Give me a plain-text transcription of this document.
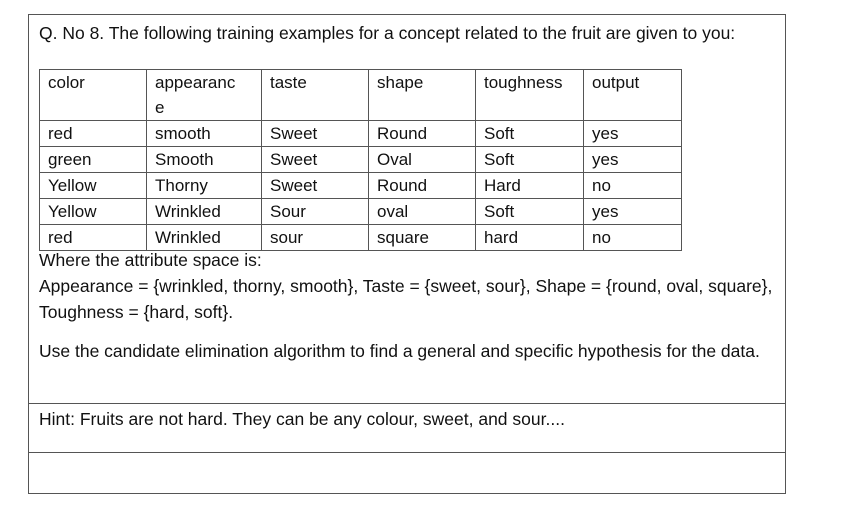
Q. No 8. The following training examples for a concept related to the fruit are given to you:

color	appearance	taste	shape	toughness	output
red	smooth	Sweet	Round	Soft	yes
green	Smooth	Sweet	Oval	Soft	yes
Yellow	Thorny	Sweet	Round	Hard	no
Yellow	Wrinkled	Sour	oval	Soft	yes
red	Wrinkled	sour	square	hard	no
Where the attribute space is:
Appearance = {wrinkled, thorny, smooth}, Taste = {sweet, sour}, Shape = {round, oval, square}, Toughness = {hard, soft}.

Use the candidate elimination algorithm to find a general and specific hypothesis for the data.

Hint: Fruits are not hard. They can be any colour, sweet, and sour....
